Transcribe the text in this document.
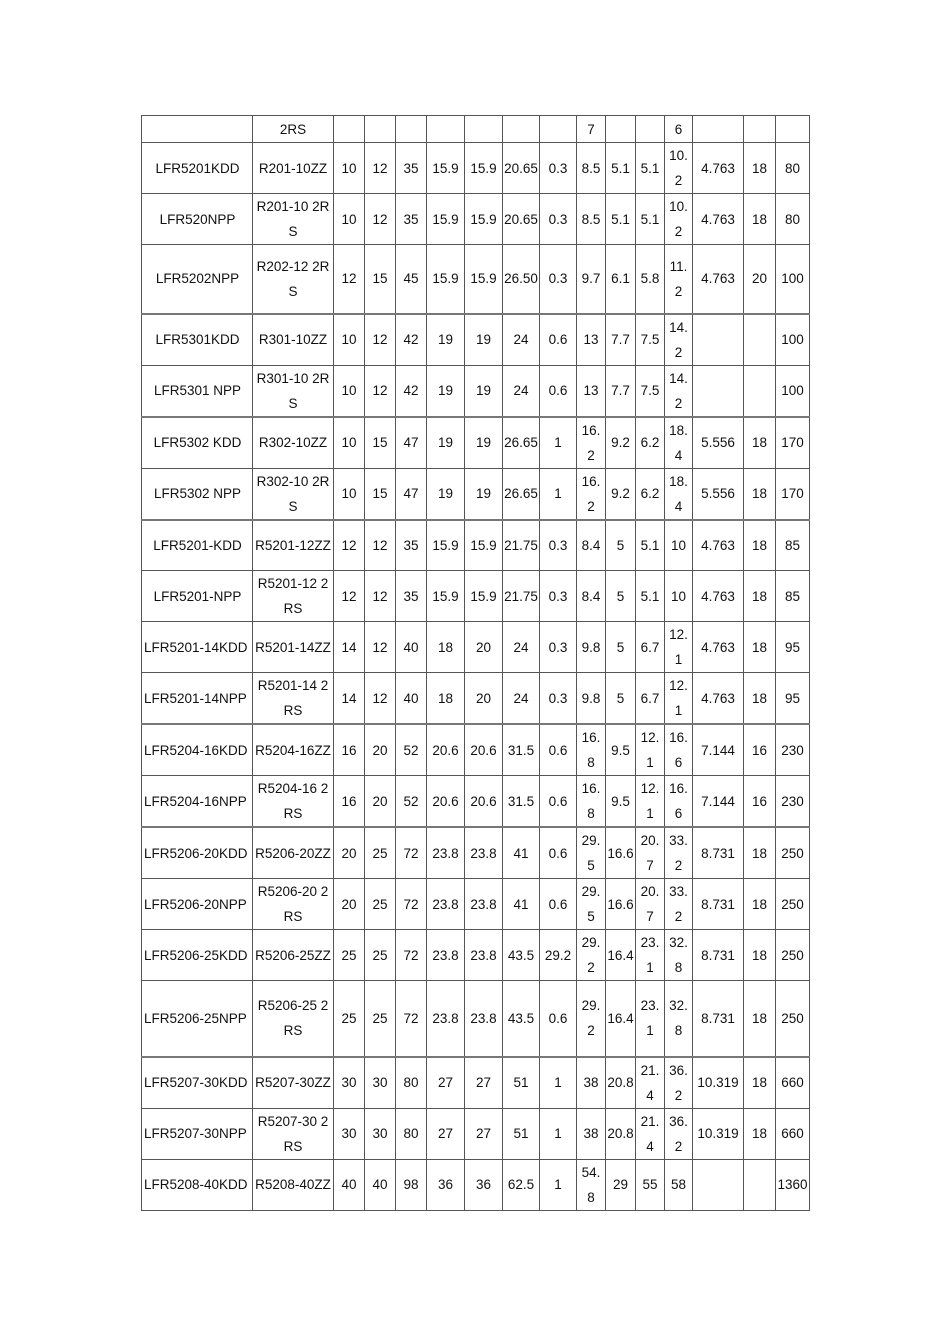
	2RS								7			6			
LFR5201KDD	R201-10ZZ	10	12	35	15.9	15.9	20.65	0.3	8.5	5.1	5.1	10.2	4.763	18	80
LFR520NPP	R201-10 2RS	10	12	35	15.9	15.9	20.65	0.3	8.5	5.1	5.1	10.2	4.763	18	80
LFR5202NPP	R202-12 2RS	12	15	45	15.9	15.9	26.50	0.3	9.7	6.1	5.8	11.2	4.763	20	100
LFR5301KDD	R301-10ZZ	10	12	42	19	19	24	0.6	13	7.7	7.5	14.2			100
LFR5301 NPP	R301-10 2RS	10	12	42	19	19	24	0.6	13	7.7	7.5	14.2			100
LFR5302 KDD	R302-10ZZ	10	15	47	19	19	26.65	1	16.2	9.2	6.2	18.4	5.556	18	170
LFR5302 NPP	R302-10 2RS	10	15	47	19	19	26.65	1	16.2	9.2	6.2	18.4	5.556	18	170
LFR5201-KDD	R5201-12ZZ	12	12	35	15.9	15.9	21.75	0.3	8.4	5	5.1	10	4.763	18	85
LFR5201-NPP	R5201-12 2RS	12	12	35	15.9	15.9	21.75	0.3	8.4	5	5.1	10	4.763	18	85
LFR5201-14KDD	R5201-14ZZ	14	12	40	18	20	24	0.3	9.8	5	6.7	12.1	4.763	18	95
LFR5201-14NPP	R5201-14 2RS	14	12	40	18	20	24	0.3	9.8	5	6.7	12.1	4.763	18	95
LFR5204-16KDD	R5204-16ZZ	16	20	52	20.6	20.6	31.5	0.6	16.8	9.5	12.1	16.6	7.144	16	230
LFR5204-16NPP	R5204-16 2RS	16	20	52	20.6	20.6	31.5	0.6	16.8	9.5	12.1	16.6	7.144	16	230
LFR5206-20KDD	R5206-20ZZ	20	25	72	23.8	23.8	41	0.6	29.5	16.6	20.7	33.2	8.731	18	250
LFR5206-20NPP	R5206-20 2RS	20	25	72	23.8	23.8	41	0.6	29.5	16.6	20.7	33.2	8.731	18	250
LFR5206-25KDD	R5206-25ZZ	25	25	72	23.8	23.8	43.5	29.2	29.2	16.4	23.1	32.8	8.731	18	250
LFR5206-25NPP	R5206-25 2RS	25	25	72	23.8	23.8	43.5	0.6	29.2	16.4	23.1	32.8	8.731	18	250
LFR5207-30KDD	R5207-30ZZ	30	30	80	27	27	51	1	38	20.8	21.4	36.2	10.319	18	660
LFR5207-30NPP	R5207-30 2RS	30	30	80	27	27	51	1	38	20.8	21.4	36.2	10.319	18	660
LFR5208-40KDD	R5208-40ZZ	40	40	98	36	36	62.5	1	54.8	29	55	58			1360
